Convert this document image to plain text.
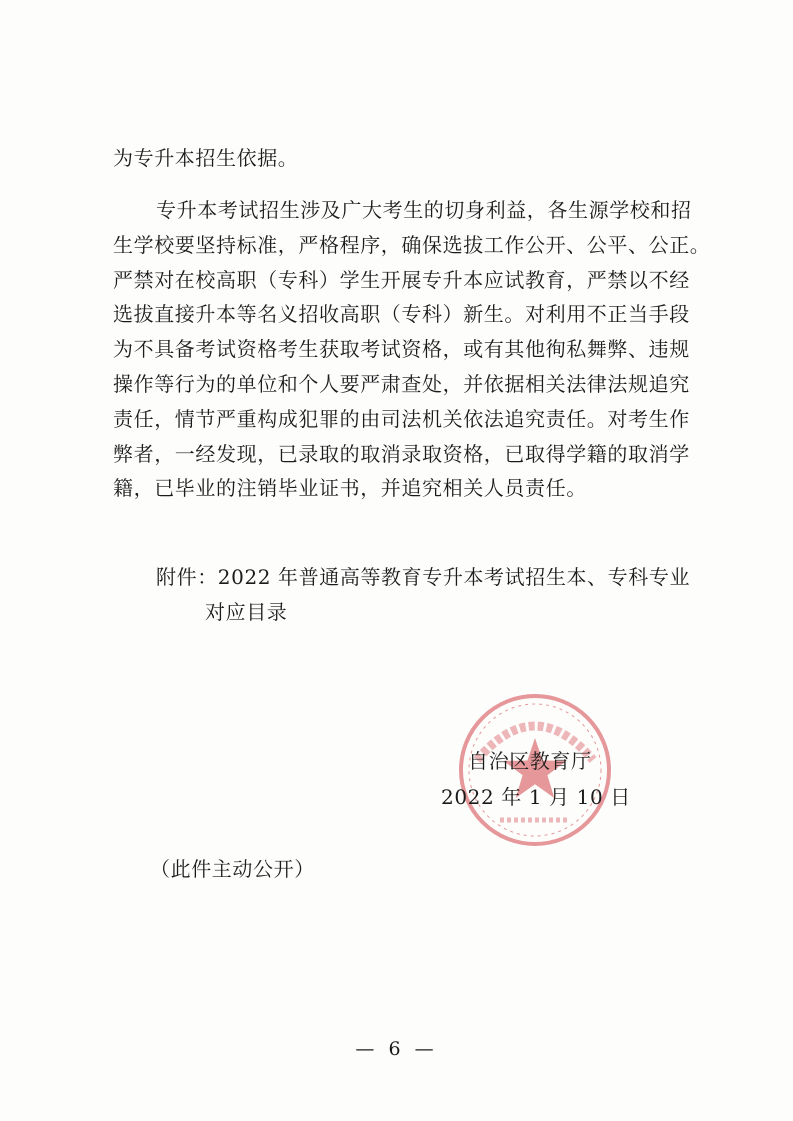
为专升本招生依据。
专升本考试招生涉及广大考生的切身利益，各生源学校和招
生学校要坚持标准，严格程序，确保选拔工作公开、公平、公正。
严禁对在校高职（专科）学生开展专升本应试教育，严禁以不经
选拔直接升本等名义招收高职（专科）新生。对利用不正当手段
为不具备考试资格考生获取考试资格，或有其他徇私舞弊、违规
操作等行为的单位和个人要严肃查处，并依据相关法律法规追究
责任，情节严重构成犯罪的由司法机关依法追究责任。对考生作
弊者，一经发现，已录取的取消录取资格，已取得学籍的取消学
籍，已毕业的注销毕业证书，并追究相关人员责任。
附件：2022 年普通高等教育专升本考试招生本、专科专业
对应目录
自治区教育厅
2022 年 1 月 10 日
（此件主动公开）
— 6 —
